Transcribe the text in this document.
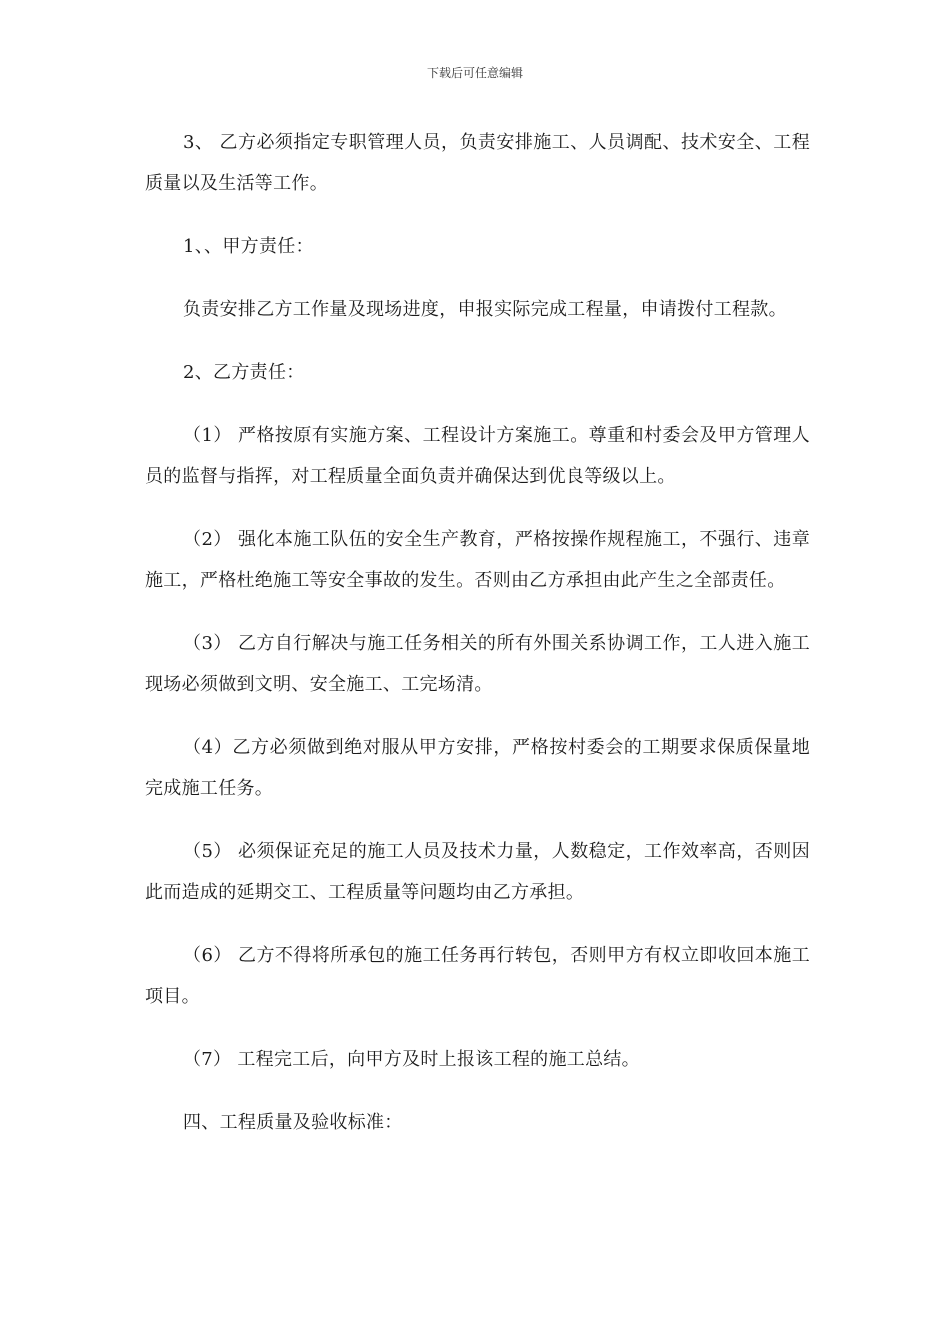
下载后可任意编辑

3、 乙方必须指定专职管理人员，负责安排施工、人员调配、技术安全、工程质量以及生活等工作。

1、、甲方责任：

负责安排乙方工作量及现场进度，申报实际完成工程量，申请拨付工程款。

2、乙方责任：

（1） 严格按原有实施方案、工程设计方案施工。尊重和村委会及甲方管理人员的监督与指挥，对工程质量全面负责并确保达到优良等级以上。

（2） 强化本施工队伍的安全生产教育，严格按操作规程施工，不强行、违章施工，严格杜绝施工等安全事故的发生。否则由乙方承担由此产生之全部责任。

（3） 乙方自行解决与施工任务相关的所有外围关系协调工作，工人进入施工现场必须做到文明、安全施工、工完场清。

（4）乙方必须做到绝对服从甲方安排，严格按村委会的工期要求保质保量地完成施工任务。

（5） 必须保证充足的施工人员及技术力量，人数稳定，工作效率高，否则因此而造成的延期交工、工程质量等问题均由乙方承担。

（6） 乙方不得将所承包的施工任务再行转包，否则甲方有权立即收回本施工项目。

（7） 工程完工后，向甲方及时上报该工程的施工总结。

四、工程质量及验收标准：
